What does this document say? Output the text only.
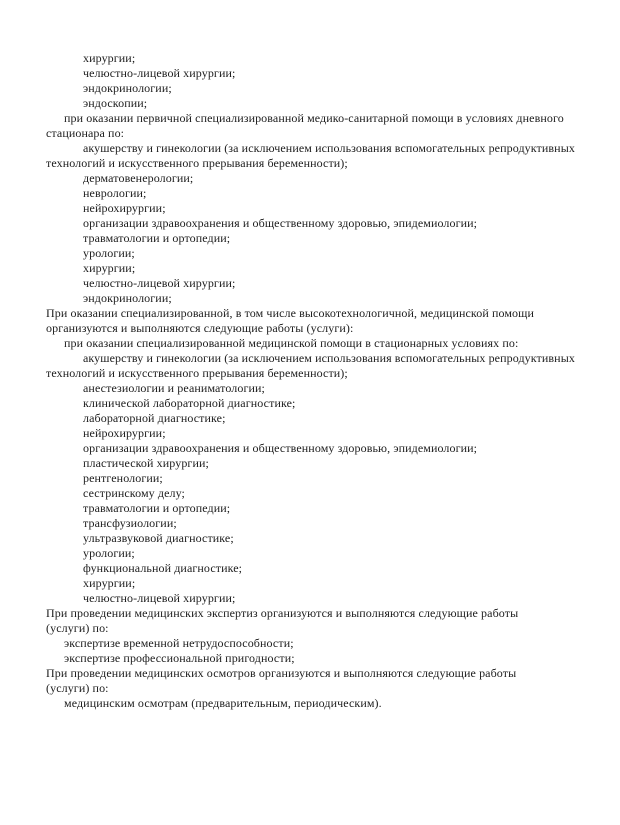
хирургии;
челюстно-лицевой хирургии;
эндокринологии;
эндоскопии;
при оказании первичной специализированной медико-санитарной помощи в условиях дневного
стационара по:
акушерству и гинекологии (за исключением использования вспомогательных репродуктивных
технологий и искусственного прерывания беременности);
дерматовенерологии;
неврологии;
нейрохирургии;
организации здравоохранения и общественному здоровью, эпидемиологии;
травматологии и ортопедии;
урологии;
хирургии;
челюстно-лицевой хирургии;
эндокринологии;
При оказании специализированной, в том числе высокотехнологичной, медицинской помощи
организуются и выполняются следующие работы (услуги):
при оказании специализированной медицинской помощи в стационарных условиях по:
акушерству и гинекологии (за исключением использования вспомогательных репродуктивных
технологий и искусственного прерывания беременности);
анестезиологии и реаниматологии;
клинической лабораторной диагностике;
лабораторной диагностике;
нейрохирургии;
организации здравоохранения и общественному здоровью, эпидемиологии;
пластической хирургии;
рентгенологии;
сестринскому делу;
травматологии и ортопедии;
трансфузиологии;
ультразвуковой диагностике;
урологии;
функциональной диагностике;
хирургии;
челюстно-лицевой хирургии;
При проведении медицинских экспертиз организуются и выполняются следующие работы
(услуги) по:
экспертизе временной нетрудоспособности;
экспертизе профессиональной пригодности;
При проведении медицинских осмотров организуются и выполняются следующие работы
(услуги) по:
медицинским осмотрам (предварительным, периодическим).
